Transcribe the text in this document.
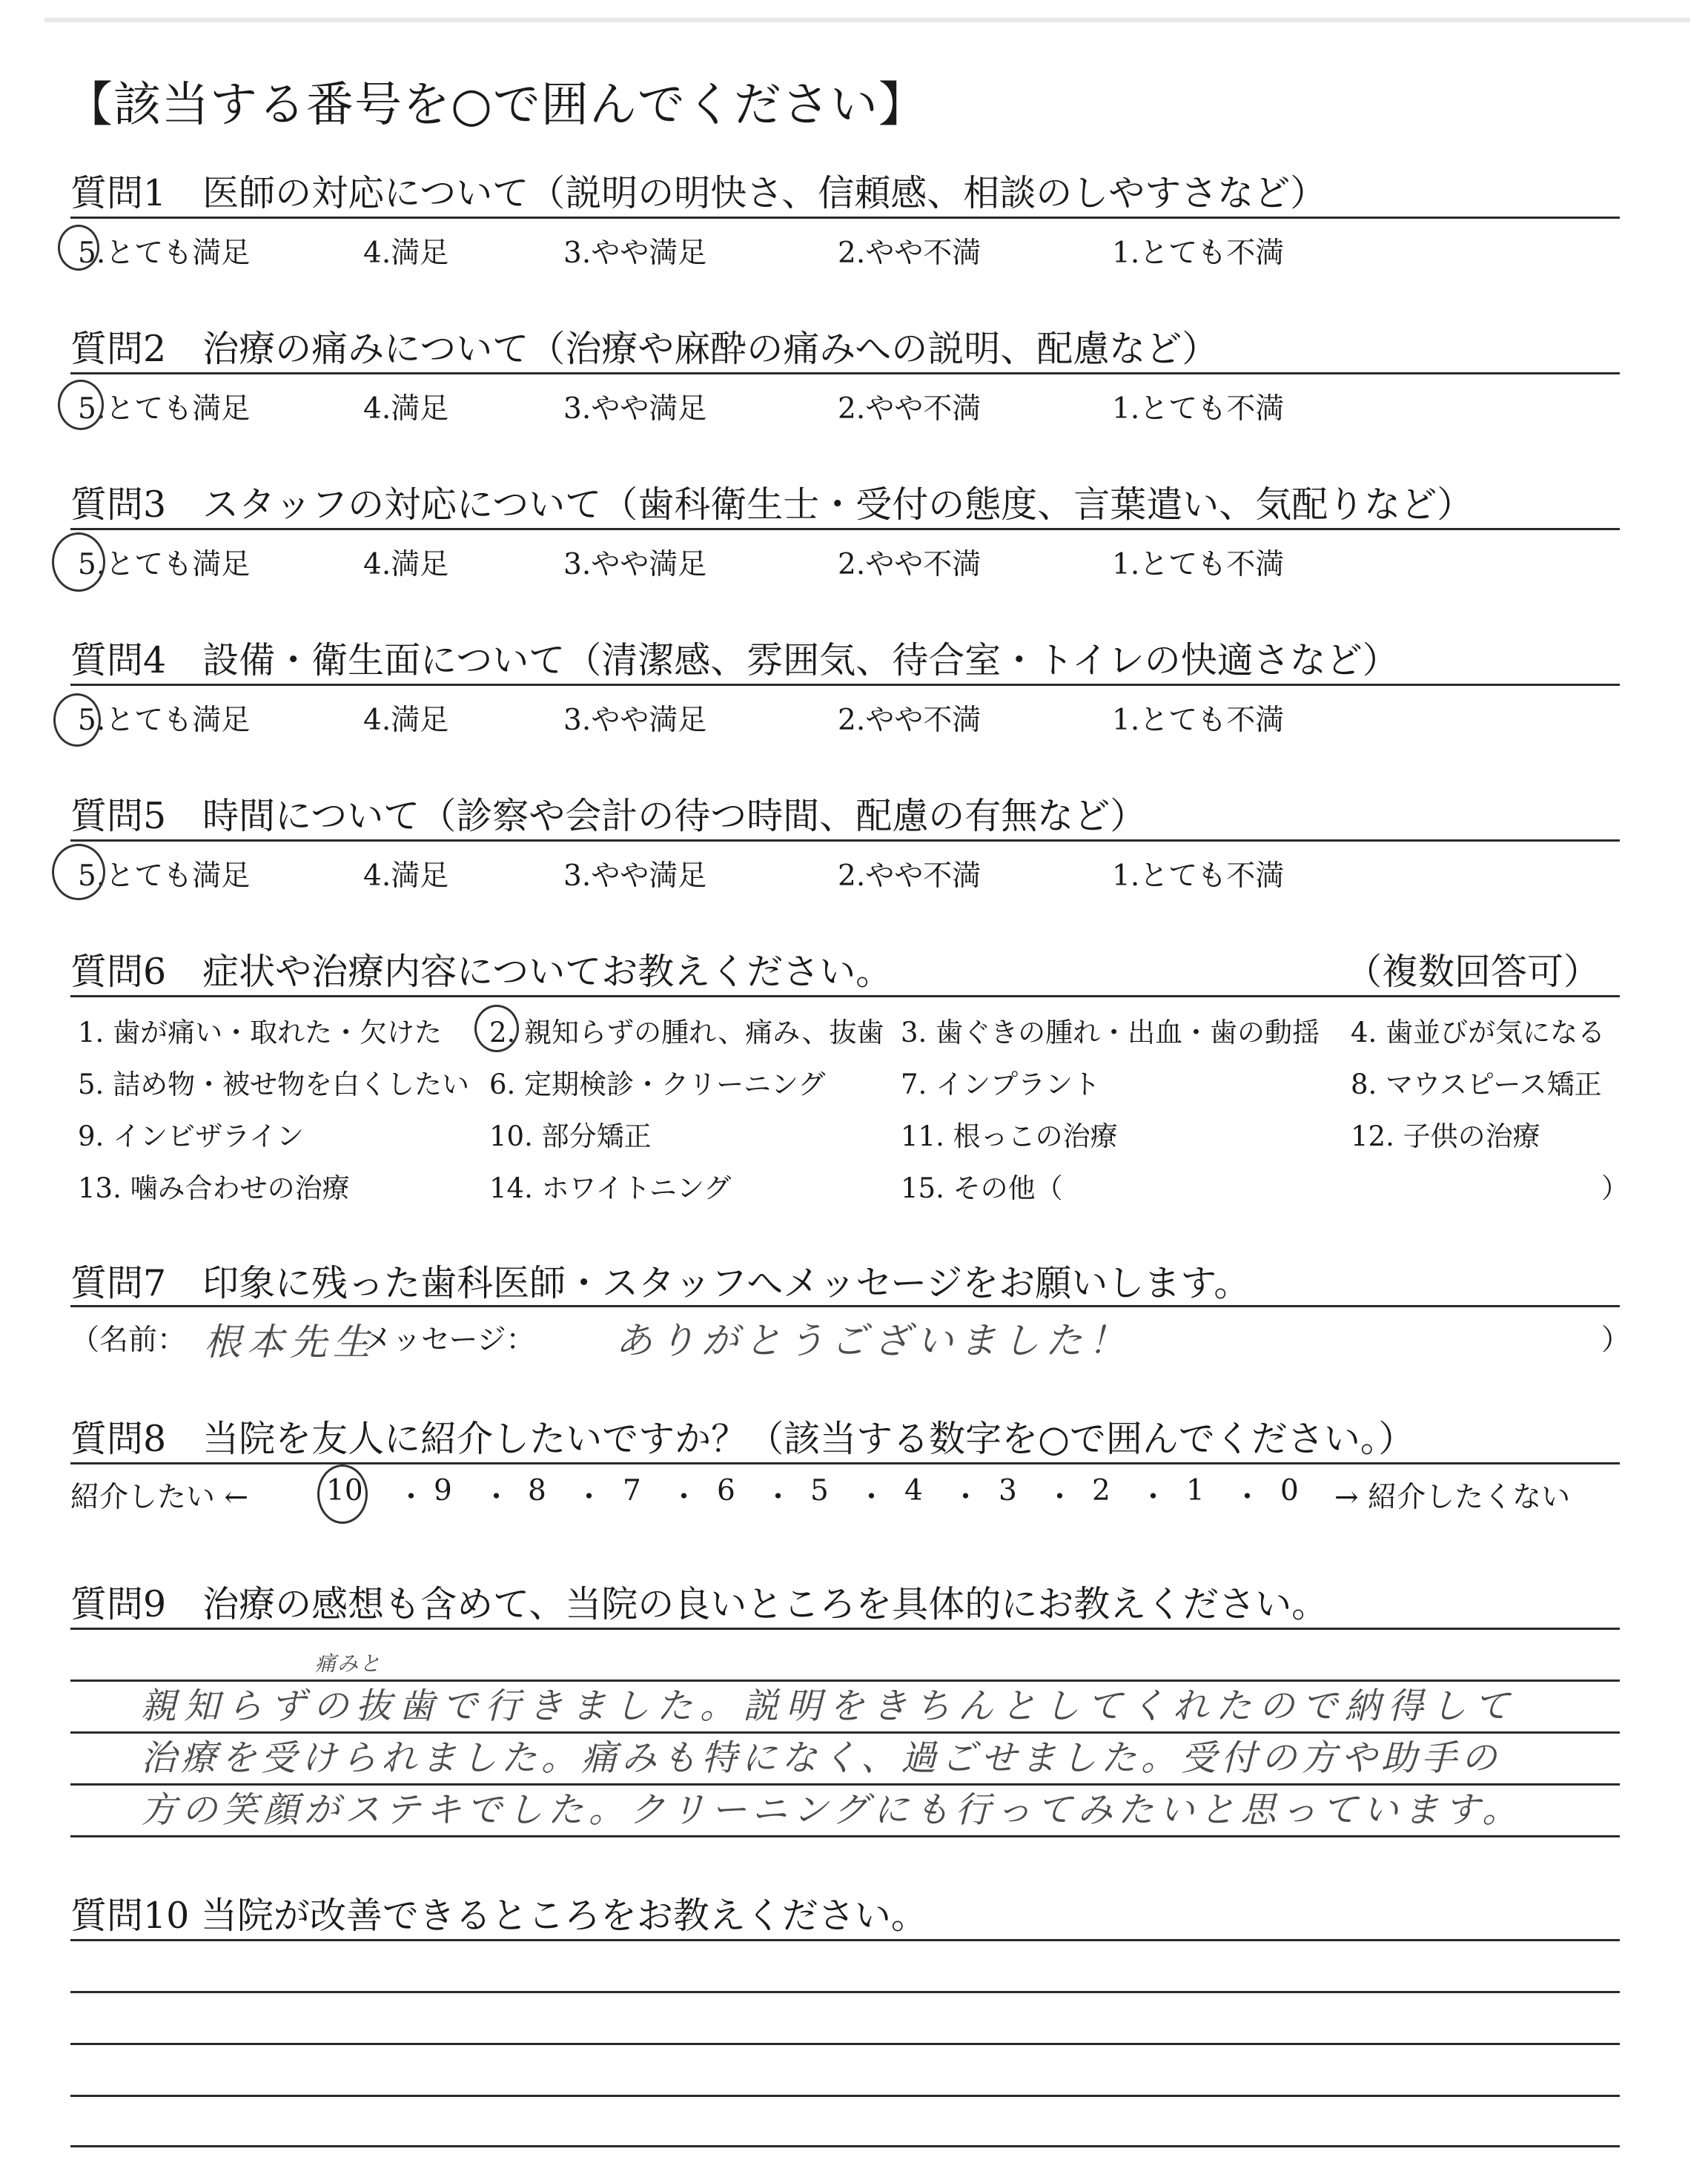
【該当する番号を○で囲んでください】
質問1　医師の対応について（説明の明快さ、信頼感、相談のしやすさなど）
5.とても満足	4.満足	3.やや満足	2.やや不満	1.とても不満
質問2　治療の痛みについて（治療や麻酔の痛みへの説明、配慮など）
5.とても満足	4.満足	3.やや満足	2.やや不満	1.とても不満
質問3　スタッフの対応について（歯科衛生士・受付の態度、言葉遣い、気配りなど）
5.とても満足	4.満足	3.やや満足	2.やや不満	1.とても不満
質問4　設備・衛生面について（清潔感、雰囲気、待合室・トイレの快適さなど）
5.とても満足	4.満足	3.やや満足	2.やや不満	1.とても不満
質問5　時間について（診察や会計の待つ時間、配慮の有無など）
5.とても満足	4.満足	3.やや満足	2.やや不満	1.とても不満
質問6　症状や治療内容についてお教えください。	（複数回答可）
1. 歯が痛い・取れた・欠けた 2. 親知らずの腫れ、痛み、抜歯 3. 歯ぐきの腫れ・出血・歯の動揺 4. 歯並びが気になる
5. 詰め物・被せ物を白くしたい 6. 定期検診・クリーニング	7. インプラント	8. マウスピース矯正
9. インビザライン	10. 部分矯正	11. 根っこの治療	12. 子供の治療
13. 噛み合わせの治療	14. ホワイトニング	15. その他（	）
質問7　印象に残った歯科医師・スタッフへメッセージをお願いします。
（名前： 根本先生
メッセージ： ありがとうございました！	）
質問8　当院を友人に紹介したいですか？（該当する数字を○で囲んでください。）
紹介したい ←	10 ・ 9 ・ 8 ・ 7 ・ 6 ・ 5 ・ 4 ・ 3 ・ 2 ・ 1 ・ 0 → 紹介したくない
質問9　治療の感想も含めて、当院の良いところを具体的にお教えください。
痛みと
親知らずの抜歯で行きました。説明をきちんとしてくれたので納得して
治療を受けられました。痛みも特になく、過ごせました。受付の方や助手の
方の笑顔がステキでした。クリーニングにも行ってみたいと思っています。
質問10 当院が改善できるところをお教えください。
